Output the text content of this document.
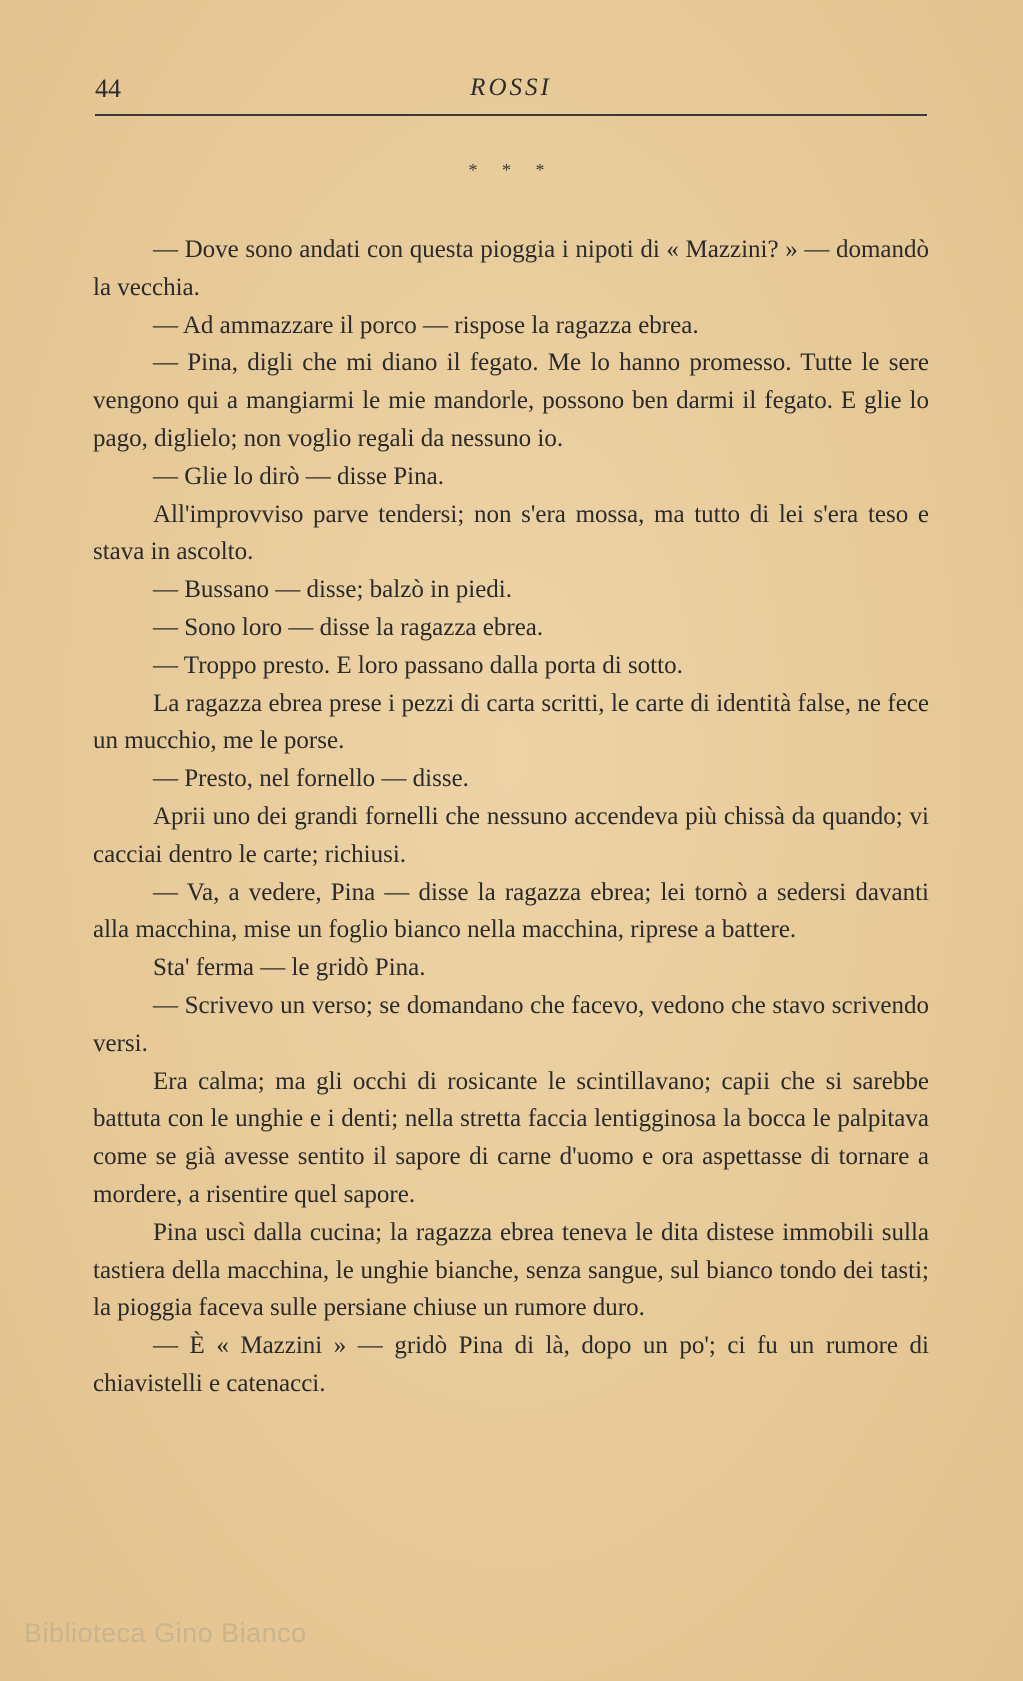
44	ROSSI
* * *

— Dove sono andati con questa pioggia i nipoti di « Mazzini? » — domandò la vecchia.

— Ad ammazzare il porco — rispose la ragazza ebrea.

— Pina, digli che mi diano il fegato. Me lo hanno promesso. Tutte le sere vengono qui a mangiarmi le mie mandorle, possono ben darmi il fegato. E glie lo pago, diglielo; non voglio regali da nessuno io.

— Glie lo dirò — disse Pina.

All'improvviso parve tendersi; non s'era mossa, ma tutto di lei s'era teso e stava in ascolto.

— Bussano — disse; balzò in piedi.

— Sono loro — disse la ragazza ebrea.

— Troppo presto. E loro passano dalla porta di sotto.

La ragazza ebrea prese i pezzi di carta scritti, le carte di identità false, ne fece un mucchio, me le porse.

— Presto, nel fornello — disse.

Aprii uno dei grandi fornelli che nessuno accendeva più chissà da quando; vi cacciai dentro le carte; richiusi.

— Va, a vedere, Pina — disse la ragazza ebrea; lei tornò a sedersi davanti alla macchina, mise un foglio bianco nella macchina, riprese a battere.

Sta' ferma — le gridò Pina.

— Scrivevo un verso; se domandano che facevo, vedono che stavo scrivendo versi.

Era calma; ma gli occhi di rosicante le scintillavano; capii che si sarebbe battuta con le unghie e i denti; nella stretta faccia lentigginosa la bocca le palpitava come se già avesse sentito il sapore di carne d'uomo e ora aspettasse di tornare a mordere, a risentire quel sapore.

Pina uscì dalla cucina; la ragazza ebrea teneva le dita distese immobili sulla tastiera della macchina, le unghie bianche, senza sangue, sul bianco tondo dei tasti; la pioggia faceva sulle persiane chiuse un rumore duro.

— È « Mazzini » — gridò Pina di là, dopo un po'; ci fu un rumore di chiavistelli e catenacci.

Biblioteca Gino Bianco
